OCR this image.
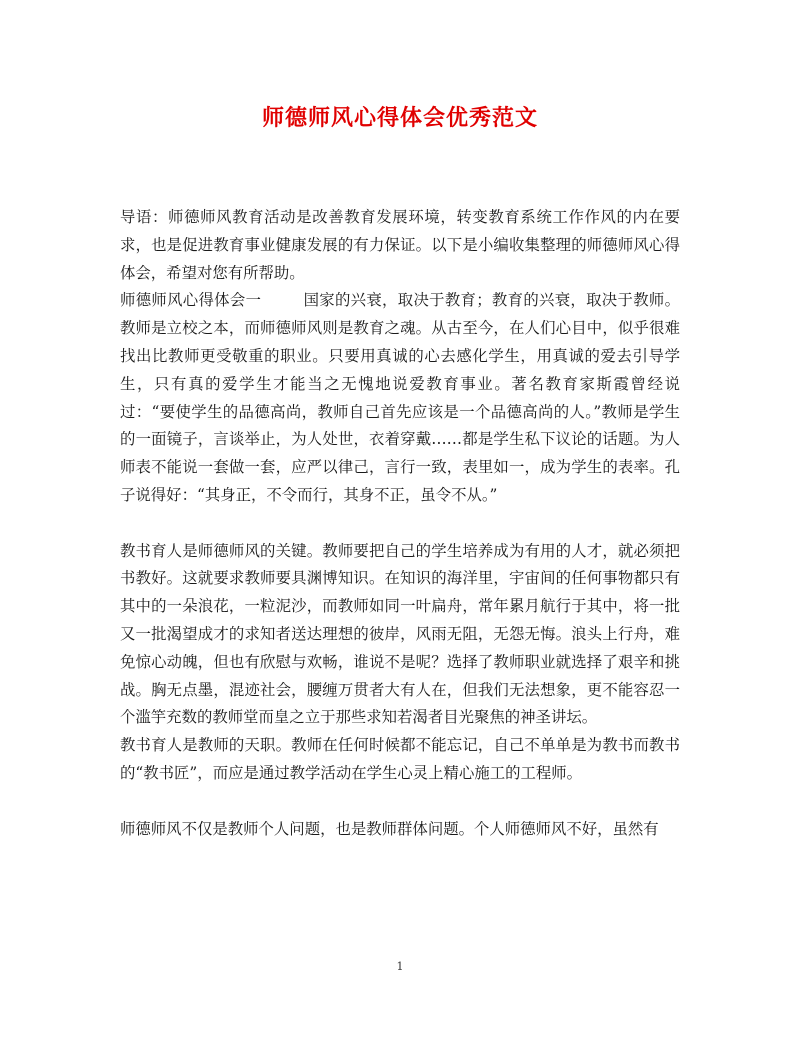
师德师风心得体会优秀范文

导语：师德师风教育活动是改善教育发展环境，转变教育系统工作作风的内在要求，也是促进教育事业健康发展的有力保证。以下是小编收集整理的师德师风心得体会，希望对您有所帮助。

师德师风心得体会一	国家的兴衰，取决于教育；教育的兴衰，取决于教师。教师是立校之本，而师德师风则是教育之魂。从古至今，在人们心目中，似乎很难找出比教师更受敬重的职业。只要用真诚的心去感化学生，用真诚的爱去引导学生，只有真的爱学生才能当之无愧地说爱教育事业。著名教育家斯霞曾经说过：“要使学生的品德高尚，教师自己首先应该是一个品德高尚的人。”教师是学生的一面镜子，言谈举止，为人处世，衣着穿戴……都是学生私下议论的话题。为人师表不能说一套做一套，应严以律己，言行一致，表里如一，成为学生的表率。孔子说得好：“其身正，不令而行，其身不正，虽令不从。”

教书育人是师德师风的关键。教师要把自己的学生培养成为有用的人才，就必须把书教好。这就要求教师要具渊博知识。在知识的海洋里，宇宙间的任何事物都只有其中的一朵浪花，一粒泥沙，而教师如同一叶扁舟，常年累月航行于其中，将一批又一批渴望成才的求知者送达理想的彼岸，风雨无阻，无怨无悔。浪头上行舟，难免惊心动魄，但也有欣慰与欢畅，谁说不是呢？选择了教师职业就选择了艰辛和挑战。胸无点墨，混迹社会，腰缠万贯者大有人在，但我们无法想象，更不能容忍一个滥竽充数的教师堂而皇之立于那些求知若渴者目光聚焦的神圣讲坛。

教书育人是教师的天职。教师在任何时候都不能忘记，自己不单单是为教书而教书的“教书匠”，而应是通过教学活动在学生心灵上精心施工的工程师。

师德师风不仅是教师个人问题，也是教师群体问题。个人师德师风不好，虽然有

1
